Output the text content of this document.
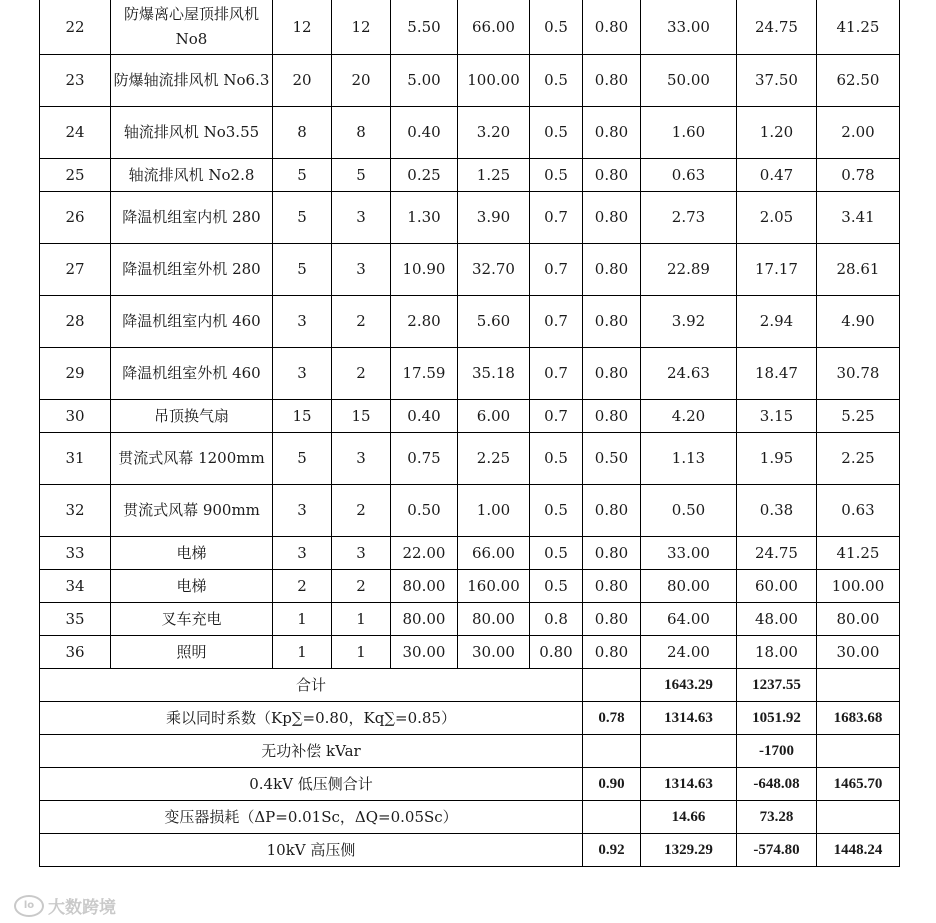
22	防爆离心屋顶排风机 No8	12	12	5.50	66.00	0.5	0.80	33.00	24.75	41.25
23	防爆轴流排风机 No6.3	20	20	5.00	100.00	0.5	0.80	50.00	37.50	62.50
24	轴流排风机 No3.55	8	8	0.40	3.20	0.5	0.80	1.60	1.20	2.00
25	轴流排风机 No2.8	5	5	0.25	1.25	0.5	0.80	0.63	0.47	0.78
26	降温机组室内机 280	5	3	1.30	3.90	0.7	0.80	2.73	2.05	3.41
27	降温机组室外机 280	5	3	10.90	32.70	0.7	0.80	22.89	17.17	28.61
28	降温机组室内机 460	3	2	2.80	5.60	0.7	0.80	3.92	2.94	4.90
29	降温机组室外机 460	3	2	17.59	35.18	0.7	0.80	24.63	18.47	30.78
30	吊顶换气扇	15	15	0.40	6.00	0.7	0.80	4.20	3.15	5.25
31	贯流式风幕 1200mm	5	3	0.75	2.25	0.5	0.50	1.13	1.95	2.25
32	贯流式风幕 900mm	3	2	0.50	1.00	0.5	0.80	0.50	0.38	0.63
33	电梯	3	3	22.00	66.00	0.5	0.80	33.00	24.75	41.25
34	电梯	2	2	80.00	160.00	0.5	0.80	80.00	60.00	100.00
35	叉车充电	1	1	80.00	80.00	0.8	0.80	64.00	48.00	80.00
36	照明	1	1	30.00	30.00	0.80	0.80	24.00	18.00	30.00
合计								1643.29	1237.55	
乘以同时系数（Kp∑=0.80，Kq∑=0.85）							0.78	1314.63	1051.92	1683.68
无功补偿 kVar									-1700	
0.4kV 低压侧合计							0.90	1314.63	-648.08	1465.70
变压器损耗（ΔP=0.01Sc，ΔQ=0.05Sc）								14.66	73.28	
10kV 高压侧							0.92	1329.29	-574.80	1448.24
lo 大数跨境
